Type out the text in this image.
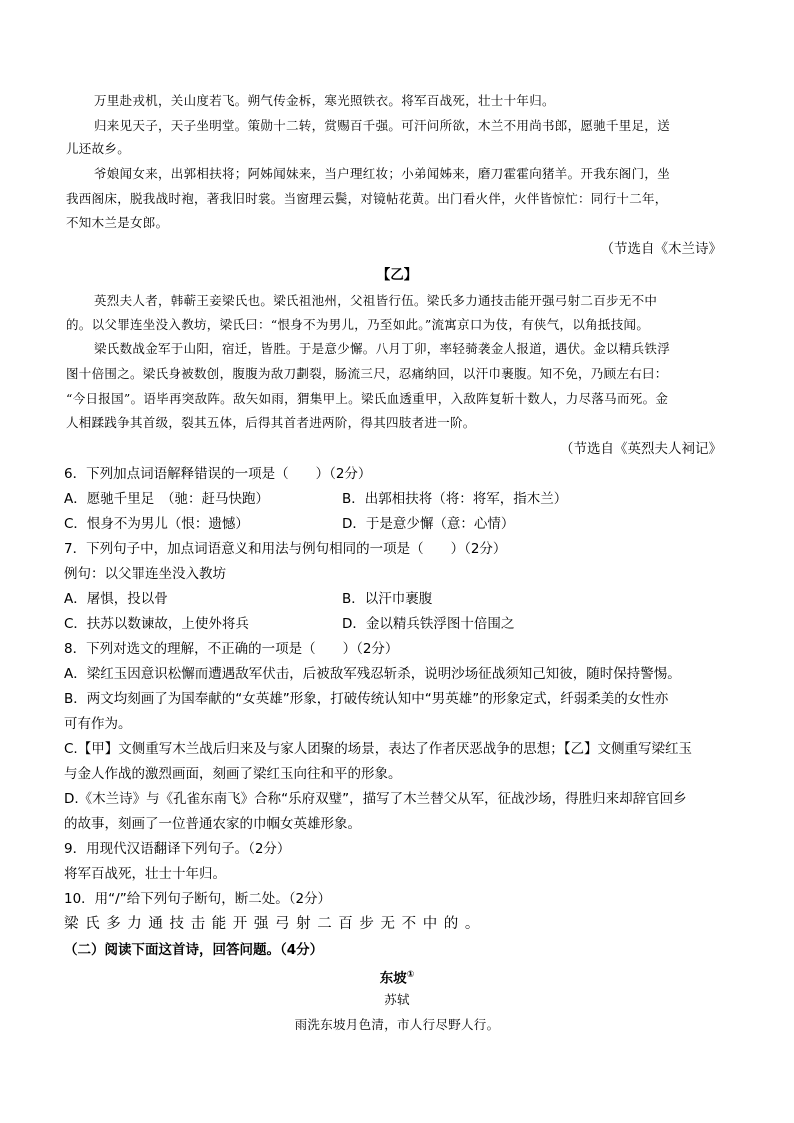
万里赴戎机，关山度若飞。朔气传金柝，寒光照铁衣。将军百战死，壮士十年归。
归来见天子，天子坐明堂。策勋十二转，赏赐百千强。可汗问所欲，木兰不用尚书郎，愿驰千里足，送
儿还故乡。
爷娘闻女来，出郭相扶将；阿姊闻妹来，当户理红妆；小弟闻姊来，磨刀霍霍向猪羊。开我东阁门，坐
我西阁床，脱我战时袍，著我旧时裳。当窗理云鬓，对镜帖花黄。出门看火伴，火伴皆惊忙：同行十二年，
不知木兰是女郎。
（节选自《木兰诗》
【乙】
英烈夫人者，韩蕲王妾梁氏也。梁氏祖池州，父祖皆行伍。梁氏多力通技击能开强弓射二百步无不中
的。以父罪连坐没入教坊，梁氏曰：“恨身不为男儿，乃至如此。”流寓京口为伎，有侠气，以角抵技闻。
梁氏数战金军于山阳，宿迁，皆胜。于是意少懈。八月丁卯，率轻骑袭金人报道，遇伏。金以精兵铁浮
图十倍围之。梁氏身被数创，腹腹为敌刀劃裂，肠流三尺，忍痛纳回，以汗巾裹腹。知不免，乃顾左右曰：
“今日报国”。语毕再突敌阵。敌矢如雨，猬集甲上。梁氏血透重甲，入敌阵复斩十数人，力尽落马而死。金
人相蹂践争其首级，裂其五体，后得其首者进两阶，得其四肢者进一阶。
（节选自《英烈夫人祠记》
6．下列加点词语解释错误的一项是（　　）（2分）
A．愿驰千里足　（驰：赶马快跑）	B．出郭相扶将（将：将军，指木兰）
C．恨身不为男儿（恨：遗憾）	D．于是意少懈（意：心情）
7．下列句子中，加点词语意义和用法与例句相同的一项是（　　）（2分）
例句：以父罪连坐没入教坊
A．屠惧，投以骨	B．以汗巾裹腹
C．扶苏以数谏故，上使外将兵	D．金以精兵铁浮图十倍围之
8．下列对选文的理解，不正确的一项是（　　）（2分）
A．梁红玉因意识松懈而遭遇敌军伏击，后被敌军残忍斩杀，说明沙场征战须知己知彼，随时保持警惕。
B．两文均刻画了为国奉献的“女英雄”形象，打破传统认知中“男英雄”的形象定式，纤弱柔美的女性亦
可有作为。
C.【甲】文侧重写木兰战后归来及与家人团聚的场景，表达了作者厌恶战争的思想；【乙】文侧重写梁红玉
与金人作战的激烈画面，刻画了梁红玉向往和平的形象。
D.《木兰诗》与《孔雀东南飞》合称“乐府双璧”，描写了木兰替父从军，征战沙场，得胜归来却辞官回乡
的故事，刻画了一位普通农家的巾帼女英雄形象。
9．用现代汉语翻译下列句子。（2分）
将军百战死，壮士十年归。
10．用“/”给下列句子断句，断二处。（2分）
梁氏多力通技击能开强弓射二百步无不中的。
（二）阅读下面这首诗，回答问题。（4分）
东坡①
苏轼
雨洗东坡月色清，市人行尽野人行。
